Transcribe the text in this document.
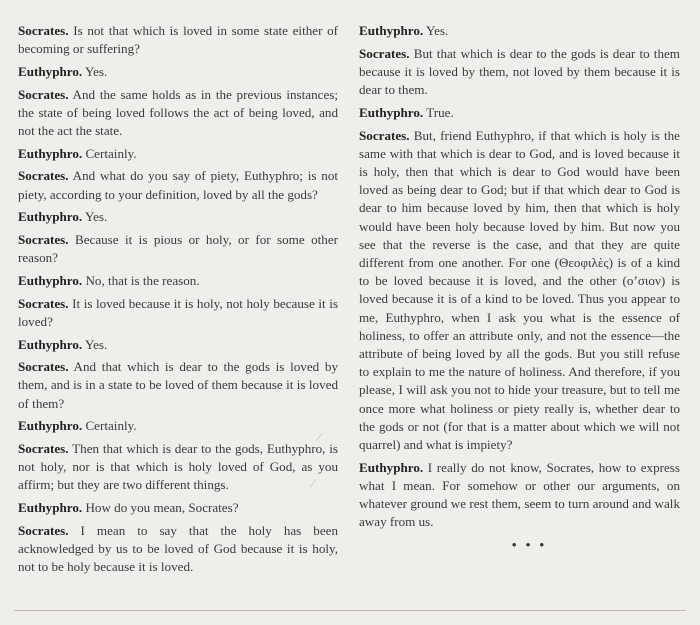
Socrates. Is not that which is loved in some state either of becoming or suffering?

Euthyphro. Yes.

Socrates. And the same holds as in the previous instances; the state of being loved follows the act of being loved, and not the act the state.

Euthyphro. Certainly.

Socrates. And what do you say of piety, Euthyphro; is not piety, according to your definition, loved by all the gods?

Euthyphro. Yes.

Socrates. Because it is pious or holy, or for some other reason?

Euthyphro. No, that is the reason.

Socrates. It is loved because it is holy, not holy because it is loved?

Euthyphro. Yes.

Socrates. And that which is dear to the gods is loved by them, and is in a state to be loved of them because it is loved of them?

Euthyphro. Certainly.

Socrates. Then that which is dear to the gods, Euthyphro, is not holy, nor is that which is holy loved of God, as you affirm; but they are two different things.

Euthyphro. How do you mean, Socrates?

Socrates. I mean to say that the holy has been acknowledged by us to be loved of God because it is holy, not to be holy because it is loved.

Euthyphro. Yes.

Socrates. But that which is dear to the gods is dear to them because it is loved by them, not loved by them because it is dear to them.

Euthyphro. True.

Socrates. But, friend Euthyphro, if that which is holy is the same with that which is dear to God, and is loved because it is holy, then that which is dear to God would have been loved as being dear to God; but if that which dear to God is dear to him because loved by him, then that which is holy would have been holy because loved by him. But now you see that the reverse is the case, and that they are quite different from one another. For one (Θεοφιλὲς) is of a kind to be loved because it is loved, and the other (ο’σιον) is loved because it is of a kind to be loved. Thus you appear to me, Euthyphro, when I ask you what is the essence of holiness, to offer an attribute only, and not the essence—the attribute of being loved by all the gods. But you still refuse to explain to me the nature of holiness. And therefore, if you please, I will ask you not to hide your treasure, but to tell me once more what holiness or piety really is, whether dear to the gods or not (for that is a matter about which we will not quarrel) and what is impiety?

Euthyphro. I really do not know, Socrates, how to express what I mean. For somehow or other our arguments, on whatever ground we rest them, seem to turn around and walk away from us.

• • •
⁄
⁄
